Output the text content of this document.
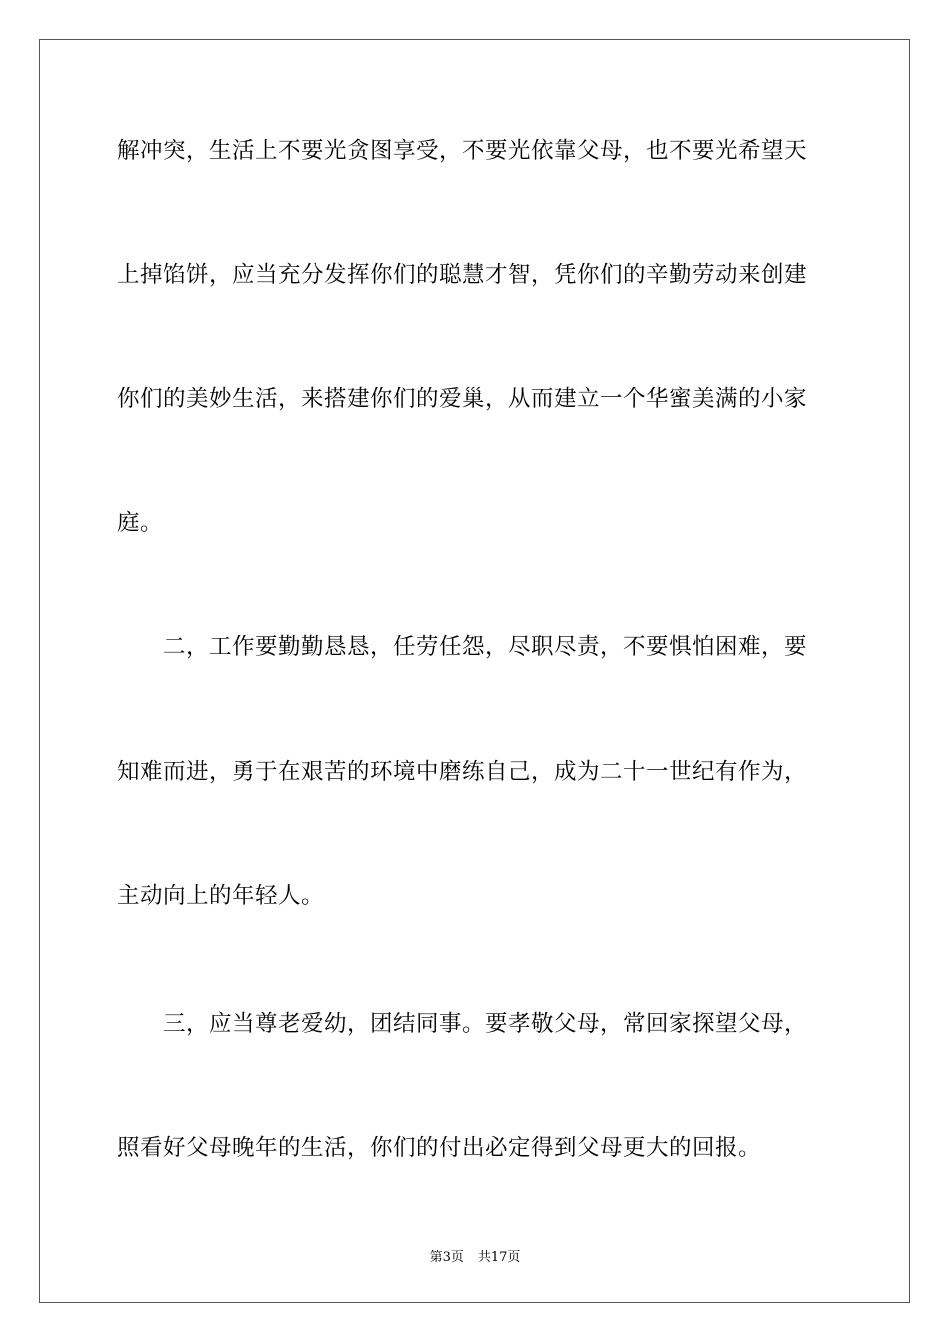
解冲突，生活上不要光贪图享受，不要光依靠父母，也不要光希望天
上掉馅饼，应当充分发挥你们的聪慧才智，凭你们的辛勤劳动来创建
你们的美妙生活，来搭建你们的爱巢，从而建立一个华蜜美满的小家
庭。
二，工作要勤勤恳恳，任劳任怨，尽职尽责，不要惧怕困难，要
知难而进，勇于在艰苦的环境中磨练自己，成为二十一世纪有作为，
主动向上的年轻人。
三，应当尊老爱幼，团结同事。要孝敬父母，常回家探望父母，
照看好父母晚年的生活，你们的付出必定得到父母更大的回报。
第3页 共17页
